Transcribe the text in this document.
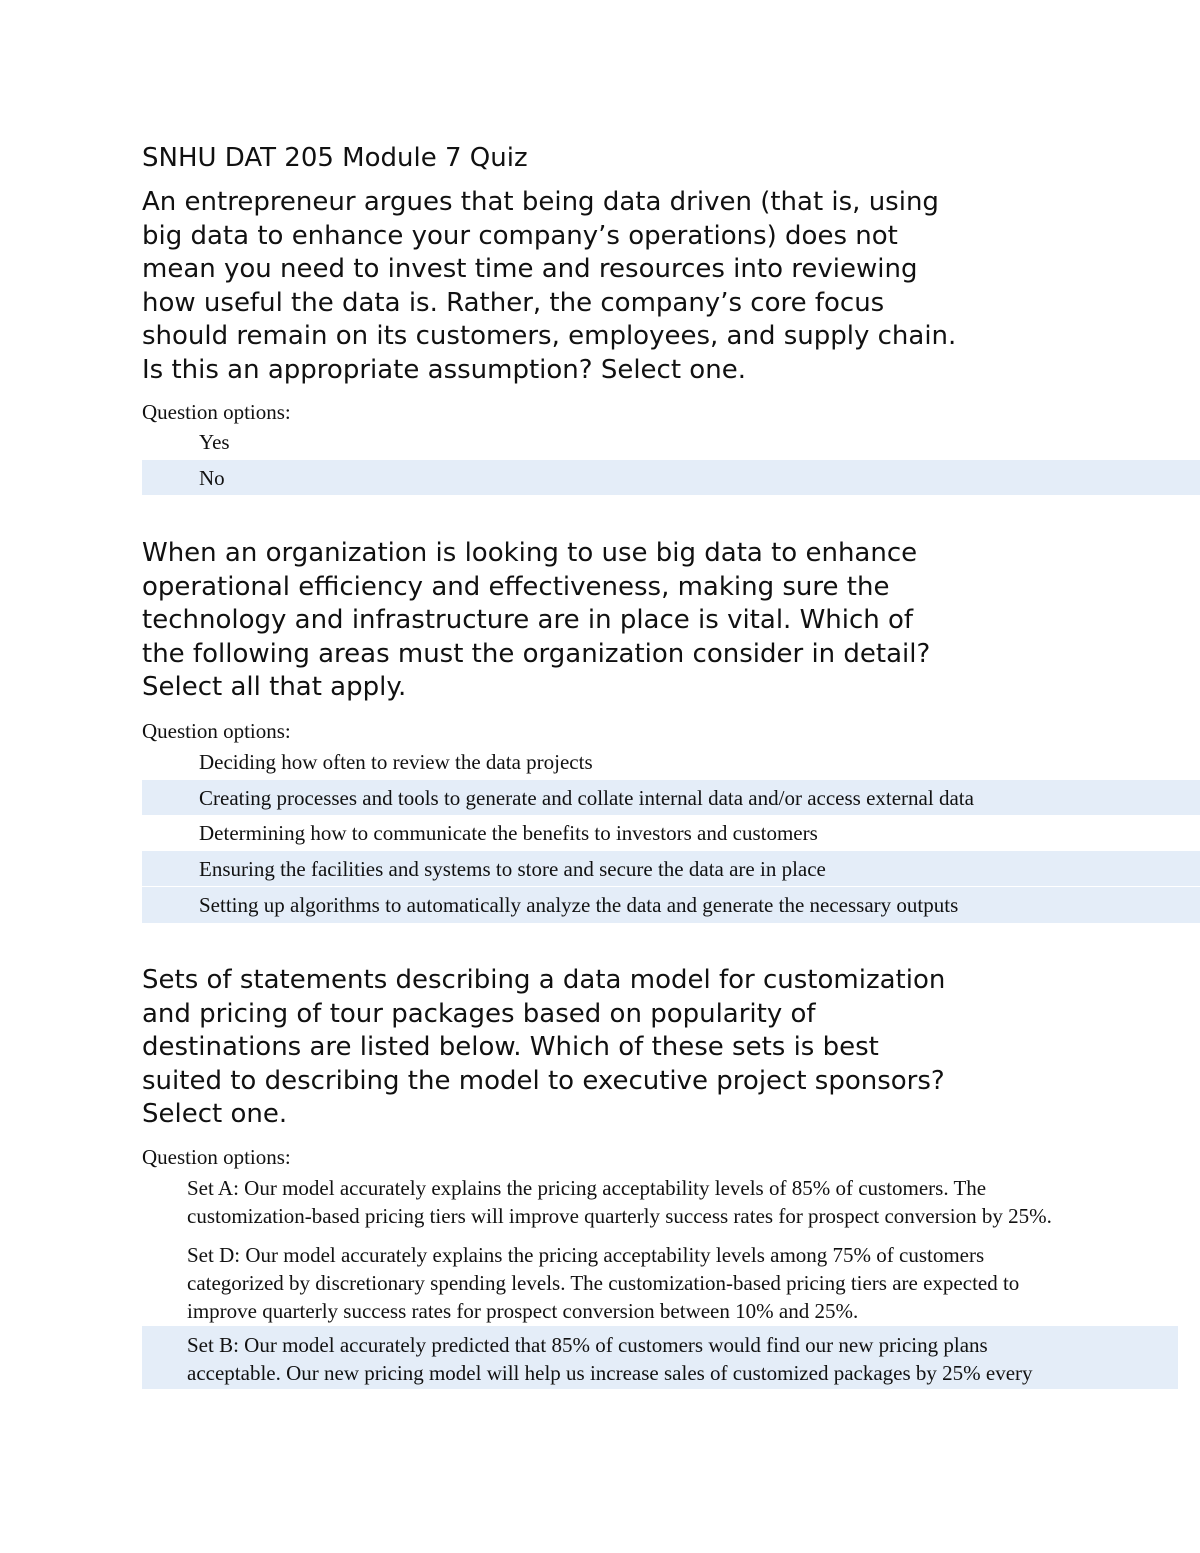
SNHU DAT 205 Module 7 Quiz
An entrepreneur argues that being data driven (that is, using
big data to enhance your company’s operations) does not
mean you need to invest time and resources into reviewing
how useful the data is. Rather, the company’s core focus
should remain on its customers, employees, and supply chain.
Is this an appropriate assumption? Select one.
Question options:
Yes
No
When an organization is looking to use big data to enhance
operational efficiency and effectiveness, making sure the
technology and infrastructure are in place is vital. Which of
the following areas must the organization consider in detail?
Select all that apply.
Question options:
Deciding how often to review the data projects
Creating processes and tools to generate and collate internal data and/or access external data
Determining how to communicate the benefits to investors and customers
Ensuring the facilities and systems to store and secure the data are in place
Setting up algorithms to automatically analyze the data and generate the necessary outputs
Sets of statements describing a data model for customization
and pricing of tour packages based on popularity of
destinations are listed below. Which of these sets is best
suited to describing the model to executive project sponsors?
Select one.
Question options:
Set A: Our model accurately explains the pricing acceptability levels of 85% of customers. The
customization-based pricing tiers will improve quarterly success rates for prospect conversion by 25%.
Set D: Our model accurately explains the pricing acceptability levels among 75% of customers
categorized by discretionary spending levels. The customization-based pricing tiers are expected to
improve quarterly success rates for prospect conversion between 10% and 25%.
Set B: Our model accurately predicted that 85% of customers would find our new pricing plans
acceptable. Our new pricing model will help us increase sales of customized packages by 25% every
